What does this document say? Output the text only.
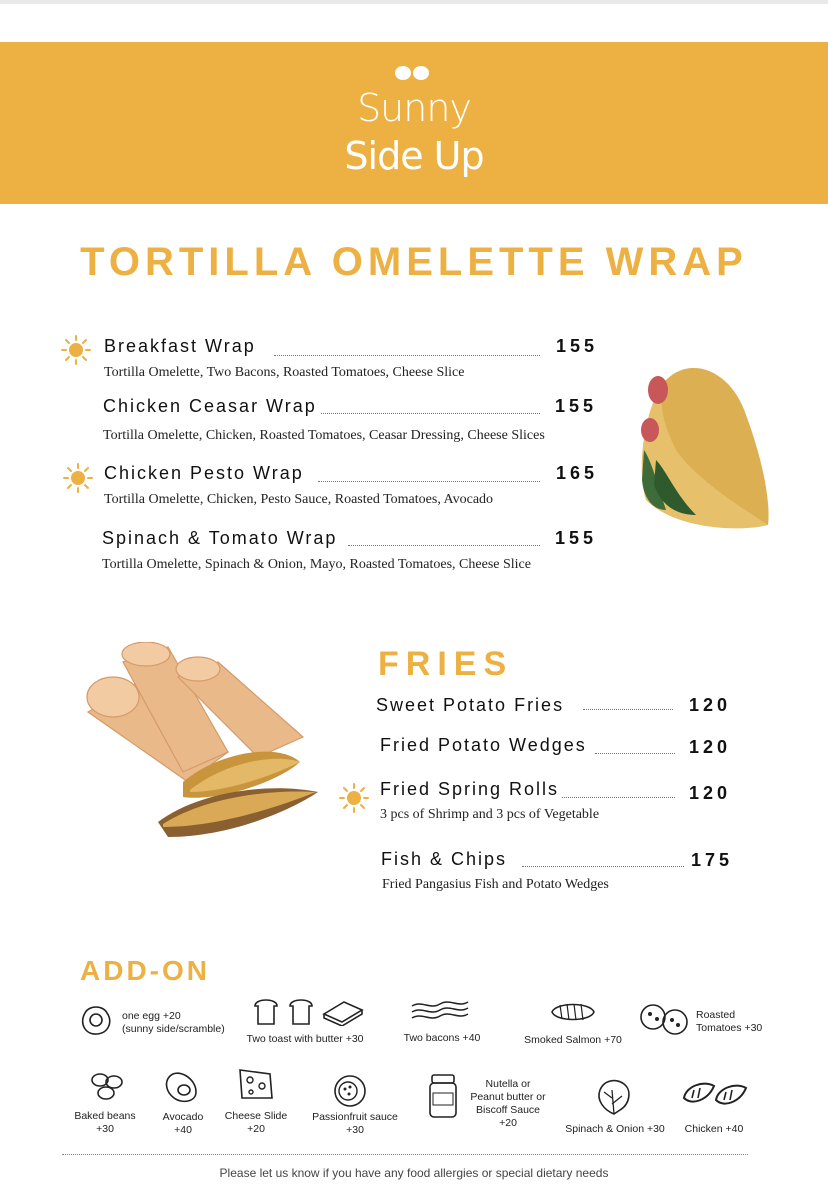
Sunny
Side Up
TORTILLA OMELETTE WRAP
Breakfast Wrap	155
Tortilla Omelette, Two Bacons, Roasted Tomatoes, Cheese Slice
Chicken Ceasar Wrap	155
Tortilla Omelette, Chicken, Roasted Tomatoes, Ceasar Dressing, Cheese Slices
Chicken Pesto Wrap	165
Tortilla Omelette, Chicken, Pesto Sauce, Roasted Tomatoes, Avocado
Spinach & Tomato Wrap	155
Tortilla Omelette, Spinach & Onion, Mayo, Roasted Tomatoes, Cheese Slice
FRIES
Sweet Potato Fries	120
Fried Potato Wedges	120
Fried Spring Rolls	120
3 pcs of Shrimp and 3 pcs of Vegetable
Fish & Chips	175
Fried Pangasius Fish and Potato Wedges
ADD-ON
one egg +20
(sunny side/scramble)
Two toast with butter +30	Two bacons +40	Smoked Salmon +70
Roasted
Tomatoes +30
Baked beans
+30
Avocado
+40
Cheese Slide
+20
Passionfruit sauce
+30
Nutella or
Peanut butter or
Biscoff Sauce
+20	Spinach & Onion +30	Chicken +40
Please let us know if you have any food allergies or special dietary needs
